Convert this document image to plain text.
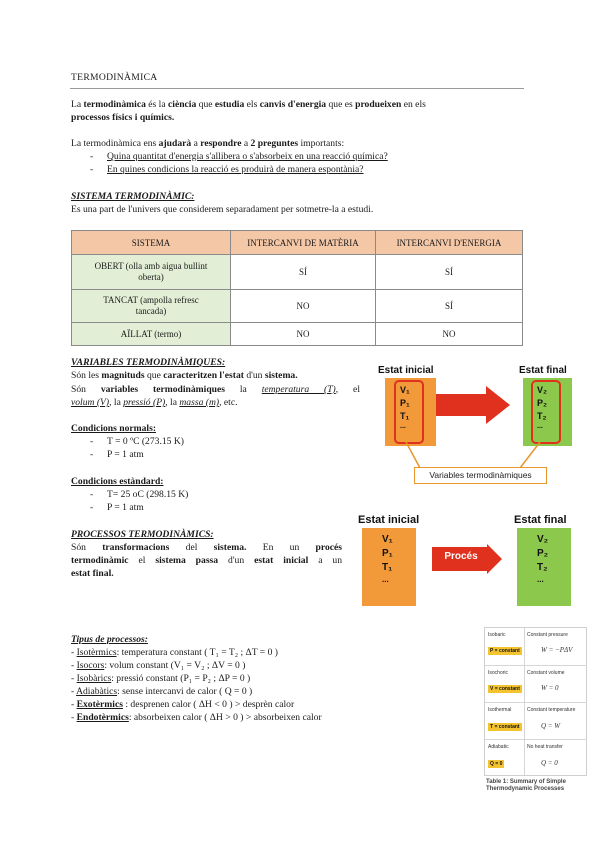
TERMODINÀMICA
La termodinàmica és la ciència que estudia els canvis d'energia que es produeixen en els
processos físics i químics.
La termodinàmica ens ajudarà a respondre a 2 preguntes importants:
- Quina quantitat d'energia s'allibera o s'absorbeix en una reacció química?
- En quines condicions la reacció es produirà de manera espontània?
SISTEMA TERMODINÀMIC:
Es una part de l'univers que considerem separadament per sotmetre-la a estudi.
SISTEMA	INTERCANVI DE MATÈRIA	INTERCANVI D'ENERGIA
OBERT (olla amb aigua bullint
oberta)	SÍ	SÍ
TANCAT (ampolla refresc
tancada)	NO	SÍ
AÏLLAT (termo)	NO	NO
VARIABLES TERMODINÀMIQUES:
Són les magnituds que caracteritzen l'estat d'un sistema.
Són variables termodinàmiques la temperatura (T), el
volum (V), la pressió (P), la massa (m), etc.
Condicions normals:
- T = 0 ºC (273.15 K)
- P = 1 atm
Condicions estàndard:
- T= 25 oC (298.15 K)
- P = 1 atm
PROCESSOS TERMODINÀMICS:
Són transformacions del sistema. En un procés
termodinàmic el sistema passa d'un estat inicial a un
estat final.
Estat inicial	Estat final
V₁
P₁
T₁
...
V₂
P₂
T₂
...
Variables termodinàmiques
Estat inicial	Estat final
V₁
P₁
T₁
...
Procés
V₂
P₂
T₂
...
Tipus de processos:
- Isotèrmics: temperatura constant ( T₁ = T₂ ; ΔT = 0 )
- Isocors: volum constant (V₁ = V₂ ; ΔV = 0 )
- Isobàrics: pressió constant (P₁ = P₂ ; ΔP = 0 )
- Adiabàtics: sense intercanvi de calor ( Q = 0 )
- Exotèrmics : desprenen calor ( ΔH < 0 ) > desprèn calor
- Endotèrmics: absorbeixen calor ( ΔH > 0 ) > absorbeixen calor
Isobaric	Constant pressure
P = constant	W = −PΔV
Isochoric	Constant volume
V = constant	W = 0
Isothermal	Constant temperature
T = constant	Q = W
Adiabatic	No heat transfer
Q = 0	Q = 0
Table 1: Summary of Simple
Thermodynamic Processes
